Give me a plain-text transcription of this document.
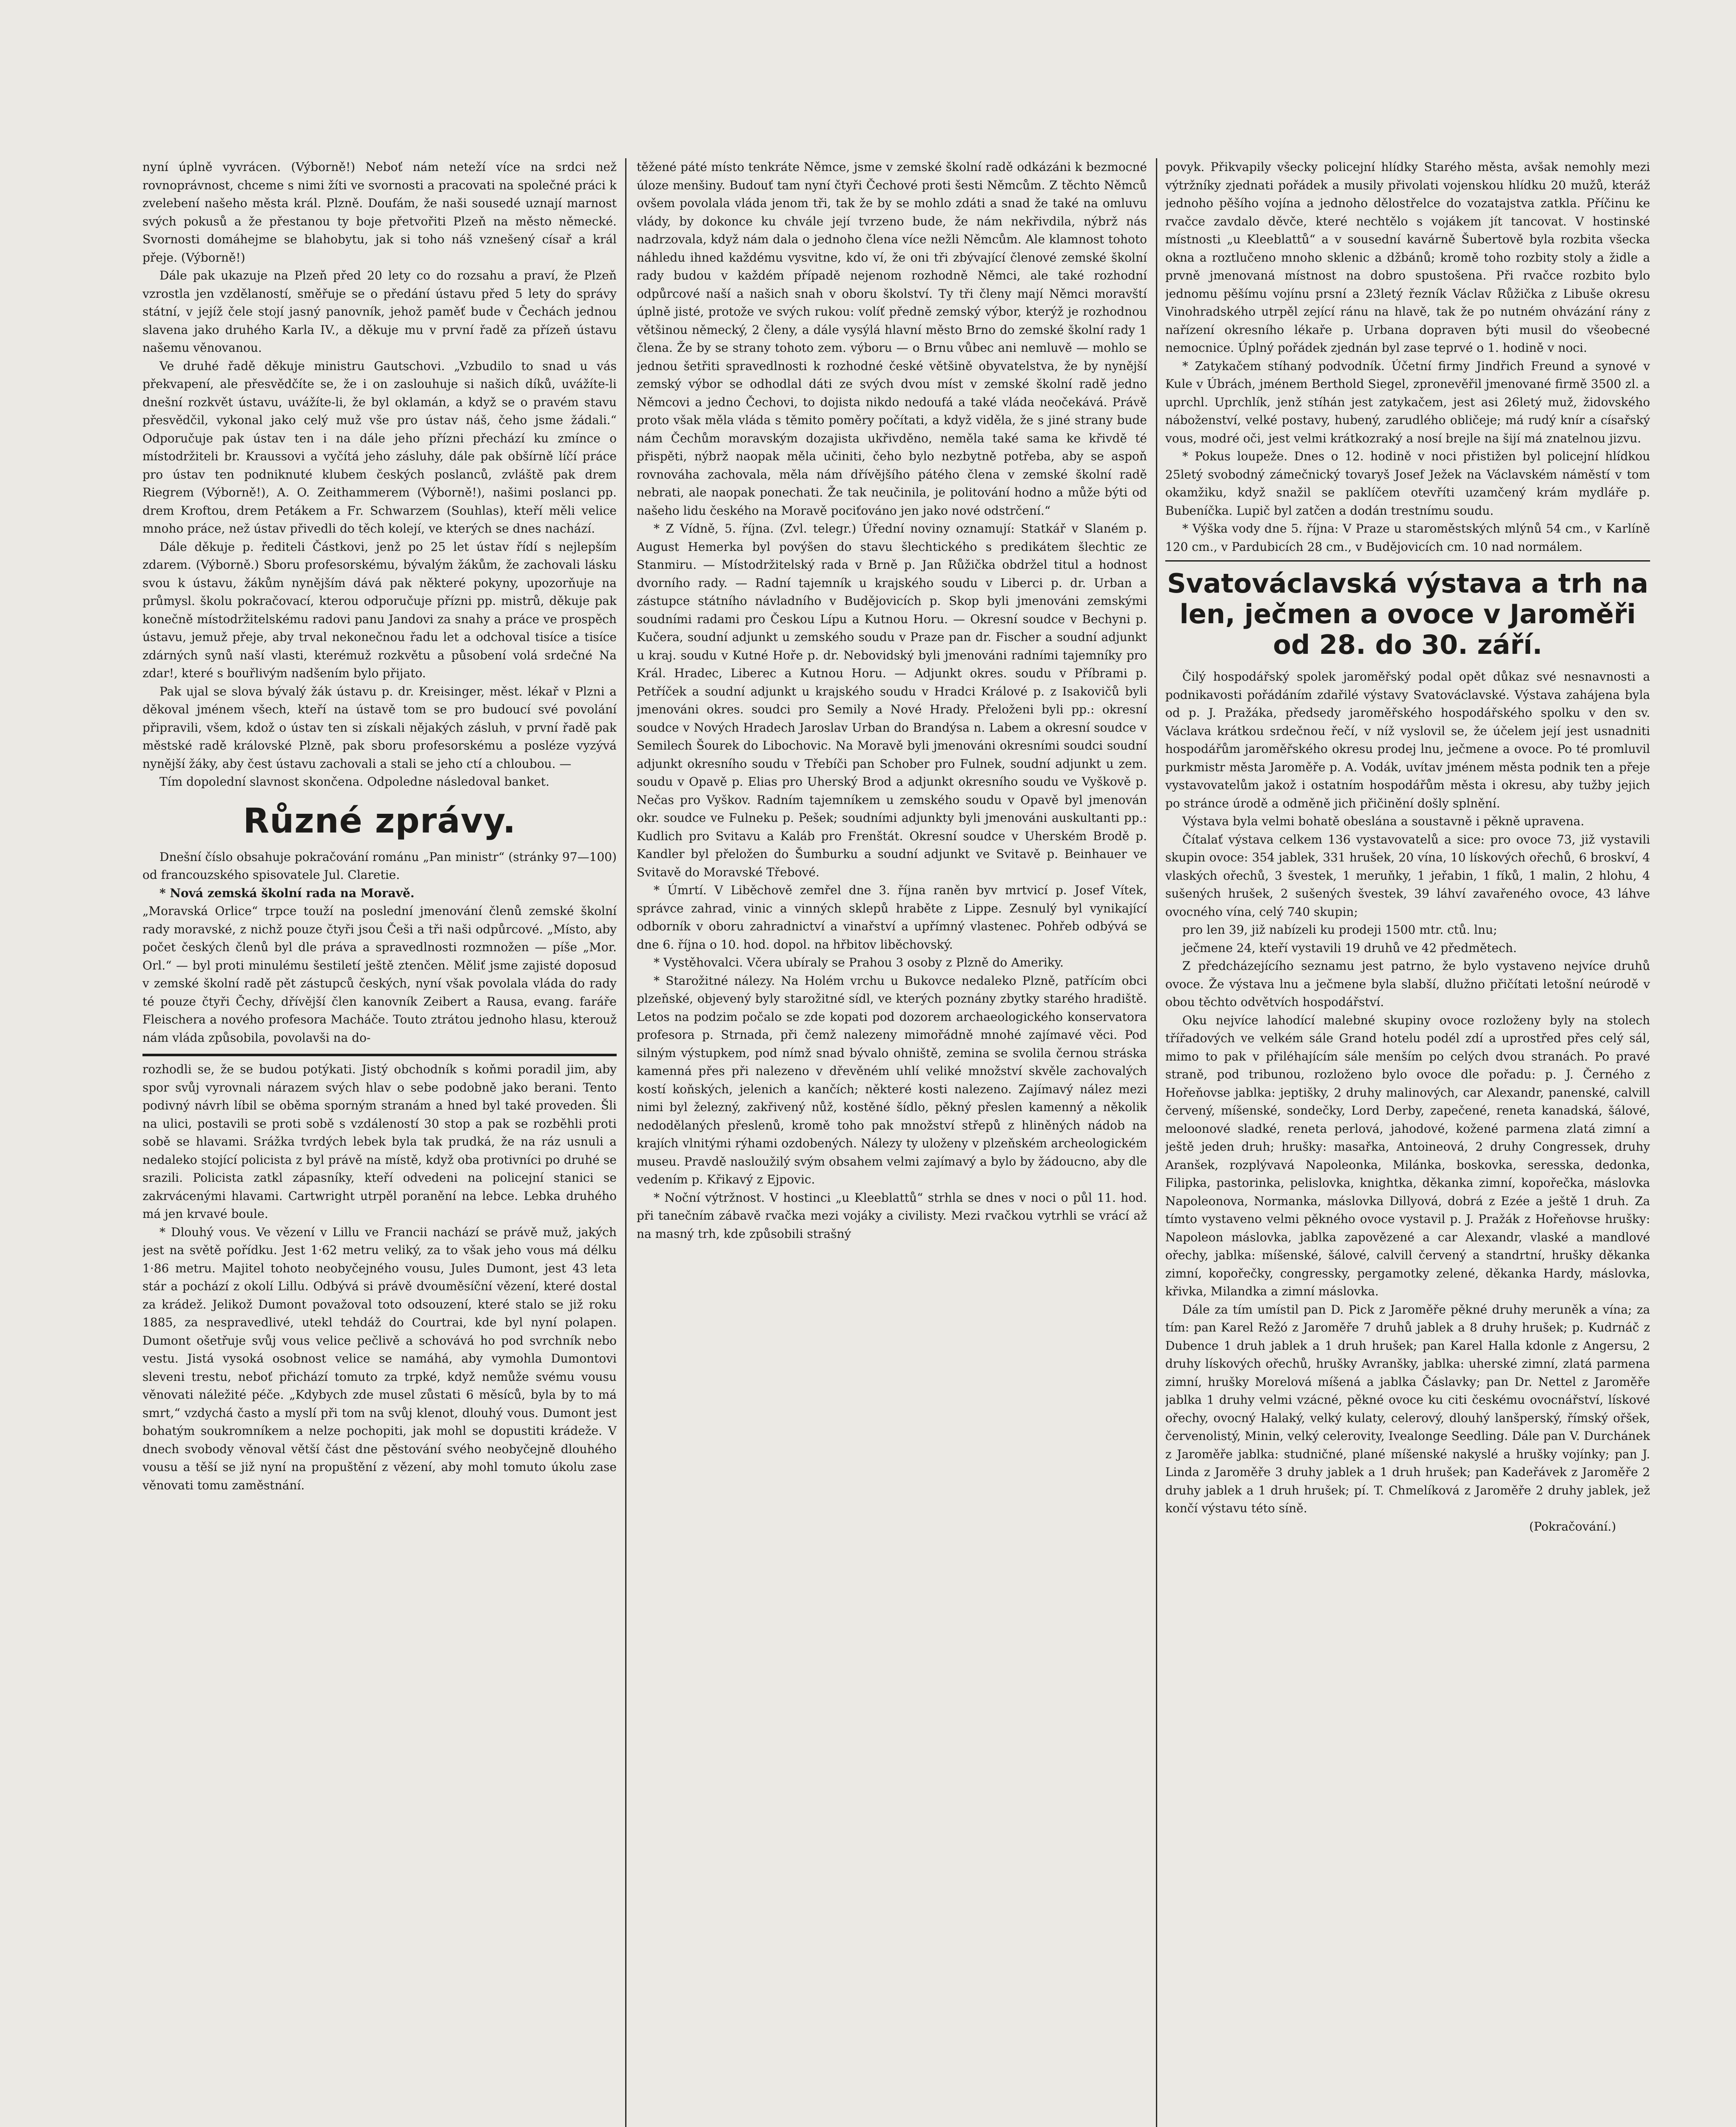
nyní úplně vyvrácen. (Výborně!) Neboť nám neteží více na srdci než rovnoprávnost, chceme s nimi žíti ve svornosti a pracovati na společné práci k zvelebení našeho města král. Plzně. Doufám, že naši sousedé uznají marnost svých pokusů a že přestanou ty boje přetvořiti Plzeň na město německé. Svornosti domáhejme se blahobytu, jak si toho náš vznešený císař a král přeje. (Výborně!)

Dále pak ukazuje na Plzeň před 20 lety co do rozsahu a praví, že Plzeň vzrostla jen vzdělaností, směřuje se o předání ústavu před 5 lety do správy státní, v jejíž čele stojí jasný panovník, jehož paměť bude v Čechách jednou slavena jako druhého Karla IV., a děkuje mu v první řadě za přízeň ústavu našemu věnovanou.

Ve druhé řadě děkuje ministru Gautschovi. „Vzbudilo to snad u vás překvapení, ale přesvědčíte se, že i on zaslouhuje si našich díků, uvážíte-li dnešní rozkvět ústavu, uvážíte-li, že byl oklamán, a když se o pravém stavu přesvědčil, vykonal jako celý muž vše pro ústav náš, čeho jsme žádali.“ Odporučuje pak ústav ten i na dále jeho přízni přechází ku zmínce o místodržiteli br. Kraussovi a vyčítá jeho zásluhy, dále pak obšírně líčí práce pro ústav ten podniknuté klubem českých poslanců, zvláště pak drem Riegrem (Výborně!), A. O. Zeithammerem (Výborně!), našimi poslanci pp. drem Kroftou, drem Petákem a Fr. Schwarzem (Souhlas), kteří měli velice mnoho práce, než ústav přivedli do těch kolejí, ve kterých se dnes nachází.

Dále děkuje p. řediteli Částkovi, jenž po 25 let ústav řídí s nejlepším zdarem. (Výborně.) Sboru profesorskému, bývalým žákům, že zachovali lásku svou k ústavu, žákům nynějším dává pak některé pokyny, upozorňuje na průmysl. školu pokračovací, kterou odporučuje přízni pp. mistrů, děkuje pak konečně místodržitelskému radovi panu Jandovi za snahy a práce ve prospěch ústavu, jemuž přeje, aby trval nekonečnou řadu let a odchoval tisíce a tisíce zdárných synů naší vlasti, kterémuž rozkvětu a působení volá srdečné Na zdar!, které s bouřlivým nadšením bylo přijato.

Pak ujal se slova bývalý žák ústavu p. dr. Kreisinger, měst. lékař v Plzni a děkoval jménem všech, kteří na ústavě tom se pro budoucí své povolání připravili, všem, kdož o ústav ten si získali nějakých zásluh, v první řadě pak městské radě královské Plzně, pak sboru profesorskému a posléze vyzývá nynější žáky, aby čest ústavu zachovali a stali se jeho ctí a chloubou. —

Tím dopolední slavnost skončena. Odpoledne následoval banket.

Různé zprávy.

Dnešní číslo obsahuje pokračování románu „Pan ministr“ (stránky 97—100) od francouzského spisovatele Jul. Claretie.

* Nová zemská školní rada na Moravě.

„Moravská Orlice“ trpce touží na poslední jmenování členů zemské školní rady moravské, z nichž pouze čtyři jsou Češi a tři naši odpůrcové. „Místo, aby počet českých členů byl dle práva a spravedlnosti rozmnožen — píše „Mor. Orl.“ — byl proti minulému šestiletí ještě ztenčen. Měliť jsme zajisté doposud v zemské školní radě pět zástupců českých, nyní však povolala vláda do rady té pouze čtyři Čechy, dřívější člen kanovník Zeibert a Rausa, evang. faráře Fleischera a nového profesora Macháče. Touto ztrátou jednoho hlasu, kterouž nám vláda způsobila, povolavši na do-

rozhodli se, že se budou potýkati. Jistý obchodník s koňmi poradil jim, aby spor svůj vyrovnali nárazem svých hlav o sebe podobně jako berani. Tento podivný návrh líbil se oběma sporným stranám a hned byl také proveden. Šli na ulici, postavili se proti sobě s vzdáleností 30 stop a pak se rozběhli proti sobě se hlavami. Srážka tvrdých lebek byla tak prudká, že na ráz usnuli a nedaleko stojící policista z byl právě na místě, když oba protivníci po druhé se srazili. Policista zatkl zápasníky, kteří odvedeni na policejní stanici se zakrvácenými hlavami. Cartwright utrpěl poranění na lebce. Lebka druhého má jen krvavé boule.

* Dlouhý vous. Ve vězení v Lillu ve Francii nachází se právě muž, jakých jest na světě pořídku. Jest 1·62 metru veliký, za to však jeho vous má délku 1·86 metru. Majitel tohoto neobyčejného vousu, Jules Dumont, jest 43 leta stár a pochází z okolí Lillu. Odbývá si právě dvouměsíční vězení, které dostal za krádež. Jelikož Dumont považoval toto odsouzení, které stalo se již roku 1885, za nespravedlivé, utekl tehdáž do Courtrai, kde byl nyní polapen. Dumont ošetřuje svůj vous velice pečlivě a schovává ho pod svrchník nebo vestu. Jistá vysoká osobnost velice se namáhá, aby vymohla Dumontovi sleveni trestu, neboť přichází tomuto za trpké, když nemůže svému vousu věnovati náležité péče. „Kdybych zde musel zůstati 6 měsíců, byla by to má smrt,“ vzdychá často a myslí při tom na svůj klenot, dlouhý vous. Dumont jest bohatým soukromníkem a nelze pochopiti, jak mohl se dopustiti krádeže. V dnech svobody věnoval větší část dne pěstování svého neobyčejně dlouhého vousu a těší se již nyní na propuštění z vězení, aby mohl tomuto úkolu zase věnovati tomu zaměstnání.

těžené páté místo tenkráte Němce, jsme v zemské školní radě odkázáni k bezmocné úloze menšiny. Budouť tam nyní čtyři Čechové proti šesti Němcům. Z těchto Němců ovšem povolala vláda jenom tři, tak že by se mohlo zdáti a snad že také na omluvu vlády, by dokonce ku chvále její tvrzeno bude, že nám nekřivdila, nýbrž nás nadrzovala, když nám dala o jednoho člena více nežli Němcům. Ale klamnost tohoto náhledu ihned každému vysvitne, kdo ví, že oni tři zbývající členové zemské školní rady budou v každém případě nejenom rozhodně Němci, ale také rozhodní odpůrcové naší a našich snah v oboru školství. Ty tři členy mají Němci moravští úplně jisté, protože ve svých rukou: volíť předně zemský výbor, kterýž je rozhodnou většinou německý, 2 členy, a dále vysýlá hlavní město Brno do zemské školní rady 1 člena. Že by se strany tohoto zem. výboru — o Brnu vůbec ani nemluvě — mohlo se jednou šetřiti spravedlnosti k rozhodné české většině obyvatelstva, že by nynější zemský výbor se odhodlal dáti ze svých dvou míst v zemské školní radě jedno Němcovi a jedno Čechovi, to dojista nikdo nedoufá a také vláda neočekává. Právě proto však měla vláda s těmito poměry počítati, a když viděla, že s jiné strany bude nám Čechům moravským dozajista ukřivděno, neměla také sama ke křivdě té přispěti, nýbrž naopak měla učiniti, čeho bylo nezbytně potřeba, aby se aspoň rovnováha zachovala, měla nám dřívějšího pátého člena v zemské školní radě nebrati, ale naopak ponechati. Že tak neučinila, je politování hodno a může býti od našeho lidu českého na Moravě pociťováno jen jako nové odstrčení.“

* Z Vídně, 5. října. (Zvl. telegr.) Úřední noviny oznamují: Statkář v Slaném p. August Hemerka byl povýšen do stavu šlechtického s predikátem šlechtic ze Stanmiru. — Místodržitelský rada v Brně p. Jan Růžička obdržel titul a hodnost dvorního rady. — Radní tajemník u krajského soudu v Liberci p. dr. Urban a zástupce státního návladního v Budějovicích p. Skop byli jmenováni zemskými soudními radami pro Českou Lípu a Kutnou Horu. — Okresní soudce v Bechyni p. Kučera, soudní adjunkt u zemského soudu v Praze pan dr. Fischer a soudní adjunkt u kraj. soudu v Kutné Hoře p. dr. Nebovidský byli jmenováni radními tajemníky pro Král. Hradec, Liberec a Kutnou Horu. — Adjunkt okres. soudu v Příbrami p. Petříček a soudní adjunkt u krajského soudu v Hradci Králové p. z Isakovičů byli jmenováni okres. soudci pro Semily a Nové Hrady. Přeloženi byli pp.: okresní soudce v Nových Hradech Jaroslav Urban do Brandýsa n. Labem a okresní soudce v Semilech Šourek do Libochovic. Na Moravě byli jmenováni okresními soudci soudní adjunkt okresního soudu v Třebíči pan Schober pro Fulnek, soudní adjunkt u zem. soudu v Opavě p. Elias pro Uherský Brod a adjunkt okresního soudu ve Vyškově p. Nečas pro Vyškov. Radním tajemníkem u zemského soudu v Opavě byl jmenován okr. soudce ve Fulneku p. Pešek; soudními adjunkty byli jmenováni auskultanti pp.: Kudlich pro Svitavu a Kaláb pro Frenštát. Okresní soudce v Uherském Brodě p. Kandler byl přeložen do Šumburku a soudní adjunkt ve Svitavě p. Beinhauer ve Svitavě do Moravské Třebové.

* Úmrtí. V Liběchově zemřel dne 3. října raněn byv mrtvicí p. Josef Vítek, správce zahrad, vinic a vinných sklepů hraběte z Lippe. Zesnulý byl vynikající odborník v oboru zahradnictví a vinařství a upřímný vlastenec. Pohřeb odbývá se dne 6. října o 10. hod. dopol. na hřbitov liběchovský.

* Vystěhovalci. Včera ubíraly se Prahou 3 osoby z Plzně do Ameriky.

* Starožitné nálezy. Na Holém vrchu u Bukovce nedaleko Plzně, patřícím obci plzeňské, objevený byly starožitné sídl, ve kterých poznány zbytky starého hradiště. Letos na podzim počalo se zde kopati pod dozorem archaeologického konservatora profesora p. Strnada, při čemž nalezeny mimořádně mnohé zajímavé věci. Pod silným výstupkem, pod nímž snad bývalo ohniště, zemina se svolila černou stráska kamenná přes při nalezeno v dřevěném uhlí veliké množství skvěle zachovalých kostí koňských, jelenich a kančích; některé kosti nalezeno. Zajímavý nález mezi nimi byl železný, zakřivený nůž, kostěné šídlo, pěkný přeslen kamenný a několik nedodělaných přeslenů, kromě toho pak množství střepů z hliněných nádob na krajích vlnitými rýhami ozdobených. Nálezy ty uloženy v plzeňském archeologickém museu. Pravdě nasloužilý svým obsahem velmi zajímavý a bylo by žádoucno, aby dle vedením p. Křikavý z Ejpovic.

* Noční výtržnost. V hostinci „u Kleeblattů“ strhla se dnes v noci o půl 11. hod. při tanečním zábavě rvačka mezi vojáky a civilisty. Mezi rvačkou vytrhli se vrácí až na masný trh, kde způsobili strašný

povyk. Přikvapily všecky policejní hlídky Starého města, avšak nemohly mezi výtržníky zjednati pořádek a musily přivolati vojenskou hlídku 20 mužů, kteráž jednoho pěšího vojína a jednoho dělostřelce do vozatajstva zatkla. Příčinu ke rvačce zavdalo děvče, které nechtělo s vojákem jít tancovat. V hostinské místnosti „u Kleeblattů“ a v sousední kavárně Šubertově byla rozbita všecka okna a roztlučeno mnoho sklenic a džbánů; kromě toho rozbity stoly a židle a prvně jmenovaná místnost na dobro spustošena. Při rvačce rozbito bylo jednomu pěšímu vojínu prsní a 23letý řezník Václav Růžička z Libuše okresu Vinohradského utrpěl zející ránu na hlavě, tak že po nutném ohvázání rány z nařízení okresního lékaře p. Urbana dopraven býti musil do všeobecné nemocnice. Úplný pořádek zjednán byl zase teprvé o 1. hodině v noci.

* Zatykačem stíhaný podvodník. Účetní firmy Jindřich Freund a synové v Kule v Úbrách, jménem Berthold Siegel, zpronevěřil jmenované firmě 3500 zl. a uprchl. Uprchlík, jenž stíhán jest zatykačem, jest asi 26letý muž, židovského náboženství, velké postavy, hubený, zarudlého obličeje; má rudý knír a císařský vous, modré oči, jest velmi krátkozraký a nosí brejle na šijí má znatelnou jizvu.

* Pokus loupeže. Dnes o 12. hodině v noci přistižen byl policejní hlídkou 25letý svobodný zámečnický tovaryš Josef Ježek na Václavském náměstí v tom okamžiku, když snažil se paklíčem otevříti uzamčený krám mydláře p. Bubeníčka. Lupič byl zatčen a dodán trestnímu soudu.

* Výška vody dne 5. října: V Praze u staroměstských mlýnů 54 cm., v Karlíně 120 cm., v Pardubicích 28 cm., v Budějovicích cm. 10 nad normálem.

Svatováclavská výstava a trh na
len, ječmen a ovoce v Jaroměři
od 28. do 30. září.

Čilý hospodářský spolek jaroměřský podal opět důkaz své nesnavnosti a podnikavosti pořádáním zdařilé výstavy Svatováclavské. Výstava zahájena byla od p. J. Pražáka, předsedy jaroměřského hospodářského spolku v den sv. Václava krátkou srdečnou řečí, v níž vyslovil se, že účelem její jest usnadniti hospodářům jaroměřského okresu prodej lnu, ječmene a ovoce. Po té promluvil purkmistr města Jaroměře p. A. Vodák, uvítav jménem města podnik ten a přeje vystavovatelům jakož i ostatním hospodářům města i okresu, aby tužby jejich po stránce úrodě a odměně jich přičinění došly splnění.

Výstava byla velmi bohatě obeslána a soustavně i pěkně upravena.

Čítalať výstava celkem 136 vystavovatelů a sice: pro ovoce 73, již vystavili skupin ovoce: 354 jablek, 331 hrušek, 20 vína, 10 lískových ořechů, 6 broskví, 4 vlaských ořechů, 3 švestek, 1 meruňky, 1 jeřabin, 1 fíků, 1 malin, 2 hlohu, 4 sušených hrušek, 2 sušených švestek, 39 láhví zavařeného ovoce, 43 láhve ovocného vína, celý 740 skupin;

pro len 39, již nabízeli ku prodeji 1500 mtr. ctů. lnu;

ječmene 24, kteří vystavili 19 druhů ve 42 předmětech.

Z předcházejícího seznamu jest patrno, že bylo vystaveno nejvíce druhů ovoce. Že výstava lnu a ječmene byla slabší, dlužno přičítati letošní neúrodě v obou těchto odvětvích hospodářství.

Oku nejvíce lahodící malebné skupiny ovoce rozloženy byly na stolech třířadových ve velkém sále Grand hotelu podél zdí a uprostřed přes celý sál, mimo to pak v přiléhajícím sále menším po celých dvou stranách. Po pravé straně, pod tribunou, rozloženo bylo ovoce dle pořadu: p. J. Černého z Hořeňovse jablka: jeptišky, 2 druhy malinových, car Alexandr, panenské, calvill červený, míšenské, sondečky, Lord Derby, zapečené, reneta kanadská, šálové, meloonové sladké, reneta perlová, jahodové, kožené parmena zlatá zimní a ještě jeden druh; hrušky: masařka, Antoineová, 2 druhy Congressek, druhy Aranšek, rozplývavá Napoleonka, Milánka, boskovka, seresska, dedonka, Filipka, pastorinka, pelislovka, knightka, děkanka zimní, kopořečka, máslovka Napoleonova, Normanka, máslovka Dillyová, dobrá z Ezée a ještě 1 druh. Za tímto vystaveno velmi pěkného ovoce vystavil p. J. Pražák z Hořeňovse hrušky: Napoleon máslovka, jablka zapovězené a car Alexandr, vlaské a mandlové ořechy, jablka: míšenské, šálové, calvill červený a standrtní, hrušky děkanka zimní, kopořečky, congressky, pergamotky zelené, děkanka Hardy, máslovka, křivka, Milandka a zimní máslovka.

Dále za tím umístil pan D. Pick z Jaroměře pěkné druhy meruněk a vína; za tím: pan Karel Režó z Jaroměře 7 druhů jablek a 8 druhy hrušek; p. Kudrnáč z Dubence 1 druh jablek a 1 druh hrušek; pan Karel Halla kdonle z Angersu, 2 druhy lískových ořechů, hrušky Avranšky, jablka: uherské zimní, zlatá parmena zimní, hrušky Morelová míšená a jablka Čáslavky; pan Dr. Nettel z Jaroměře jablka 1 druhy velmi vzácné, pěkné ovoce ku citi českému ovocnářství, lískové ořechy, ovocný Halaký, velký kulaty, celerový, dlouhý lanšperský, římský ořšek, červenolistý, Minin, velký celerovity, Ivealonge Seedling. Dále pan V. Durchánek z Jaroměře jablka: studničné, plané míšenské nakyslé a hrušky vojínky; pan J. Linda z Jaroměře 3 druhy jablek a 1 druh hrušek; pan Kadeřávek z Jaroměře 2 druhy jablek a 1 druh hrušek; pí. T. Chmelíková z Jaroměře 2 druhy jablek, jež končí výstavu této síně.

(Pokračování.)
